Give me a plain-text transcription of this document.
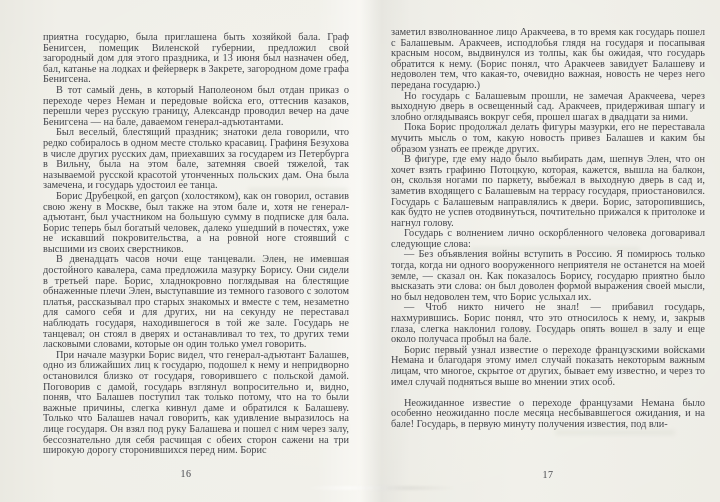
приятна государю, была приглашена быть хозяйкой бала. Граф Бенигсен, помещик Виленской губернии, предложил свой загородный дом для этого праздника, и 13 июня был назначен обед, бал, катанье на лодках и фейерверк в Закрете, загородном доме графа Бенигсена.

В тот самый день, в который Наполеоном был отдан приказ о переходе через Неман и передовые войска его, оттеснив казаков, перешли через русскую границу, Александр проводил вечер на даче Бенигсена — на бале, даваемом генерал-адъютантами.

Был веселый, блестящий праздник; знатоки дела говорили, что редко собиралось в одном месте столько красавиц. Графиня Безухова в числе других русских дам, приехавших за государем из Петербурга в Вильну, была на этом бале, затемняя своей тяжелой, так называемой русской красотой утонченных польских дам. Она была замечена, и государь удостоил ее танца.

Борис Друбецкой, en garçon (холостяком), как он говорил, оставив свою жену в Москве, был также на этом бале и, хотя не генерал-адъютант, был участником на большую сумму в подписке для бала. Борис теперь был богатый человек, далеко ушедший в почестях, уже не искавший покровительства, а на ровной ноге стоявший с высшими из своих сверстников.

В двенадцать часов ночи еще танцевали. Элен, не имевшая достойного кавалера, сама предложила мазурку Борису. Они сидели в третьей паре. Борис, хладнокровно поглядывая на блестящие обнаженные плечи Элен, выступавшие из темного газового с золотом платья, рассказывал про старых знакомых и вместе с тем, незаметно для самого себя и для других, ни на секунду не переставал наблюдать государя, находившегося в той же зале. Государь не танцевал; он стоял в дверях и останавливал то тех, то других теми ласковыми словами, которые он один только умел говорить.

При начале мазурки Борис видел, что генерал-адъютант Балашев, одно из ближайших лиц к государю, подошел к нему и непридворно остановился близко от государя, говорившего с польской дамой. Поговорив с дамой, государь взглянул вопросительно и, видно, поняв, что Балашев поступил так только потому, что на то были важные причины, слегка кивнул даме и обратился к Балашеву. Только что Балашев начал говорить, как удивление выразилось на лице государя. Он взял под руку Балашева и пошел с ним через залу, бессознательно для себя расчищая с обеих сторон сажени на три широкую дорогу сторонившихся перед ним. Борис

16

заметил взволнованное лицо Аракчеева, в то время как государь пошел с Балашевым. Аракчеев, исподлобья глядя на государя и посапывая красным носом, выдвинулся из толпы, как бы ожидая, что государь обратится к нему. (Борис понял, что Аракчеев завидует Балашеву и недоволен тем, что какая-то, очевидно важная, новость не через него передана государю.)

Но государь с Балашевым прошли, не замечая Аракчеева, через выходную дверь в освещенный сад. Аракчеев, придерживая шпагу и злобно оглядываясь вокруг себя, прошел шагах в двадцати за ними.

Пока Борис продолжал делать фигуры мазурки, его не переставала мучить мысль о том, какую новость привез Балашев и каким бы образом узнать ее прежде других.

В фигуре, где ему надо было выбирать дам, шепнув Элен, что он хочет взять графиню Потоцкую, которая, кажется, вышла на балкон, он, скользя ногами по паркету, выбежал в выходную дверь в сад и, заметив входящего с Балашевым на террасу государя, приостановился. Государь с Балашевым направлялись к двери. Борис, заторопившись, как будто не успев отодвинуться, почтительно прижался к притолоке и нагнул голову.

Государь с волнением лично оскорбленного человека договаривал следующие слова:

— Без объявления войны вступить в Россию. Я помирюсь только тогда, когда ни одного вооруженного неприятеля не останется на моей земле, — сказал он. Как показалось Борису, государю приятно было высказать эти слова: он был доволен формой выражения своей мысли, но был недоволен тем, что Борис услыхал их.

— Чтоб никто ничего не знал! — прибавил государь, нахмурившись. Борис понял, что это относилось к нему, и, закрыв глаза, слегка наклонил голову. Государь опять вошел в залу и еще около получаса пробыл на бале.

Борис первый узнал известие о переходе французскими войсками Немана и благодаря этому имел случай показать некоторым важным лицам, что многое, скрытое от других, бывает ему известно, и через то имел случай подняться выше во мнении этих особ.

Неожиданное известие о переходе французами Немана было особенно неожиданно после месяца несбывавшегося ожидания, и на бале! Государь, в первую минуту получения известия, под вли-

17
